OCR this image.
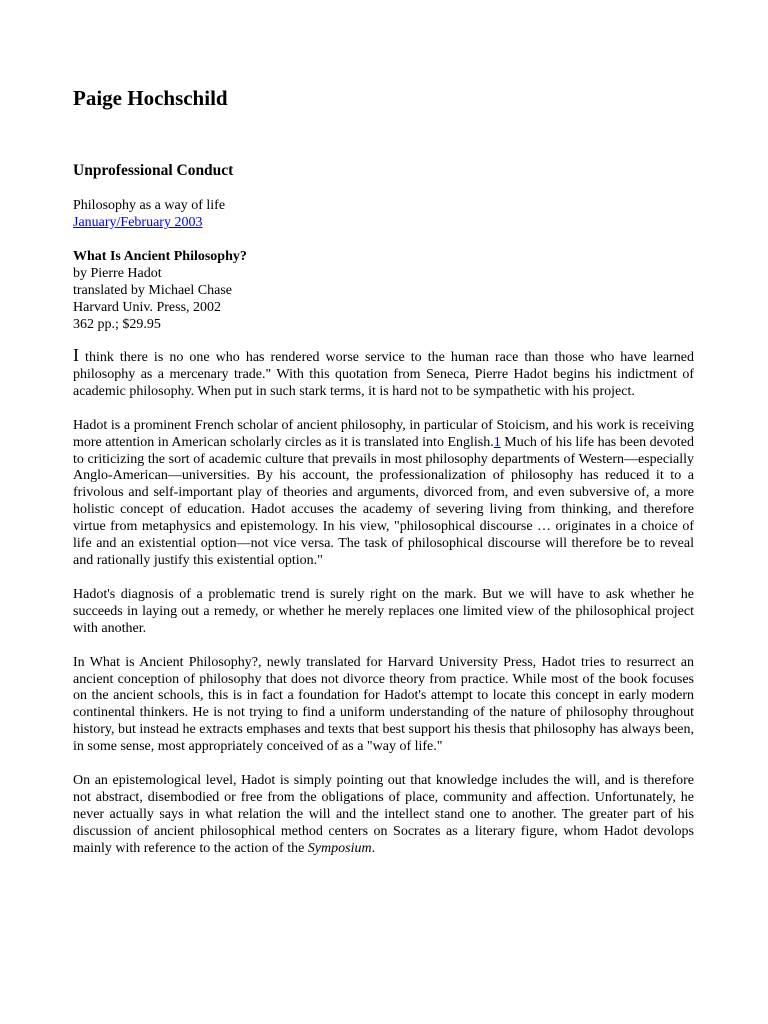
Paige Hochschild
Unprofessional Conduct
Philosophy as a way of life
January/February 2003
What Is Ancient Philosophy?
by Pierre Hadot
translated by Michael Chase
Harvard Univ. Press, 2002
362 pp.; $29.95

I think there is no one who has rendered worse service to the human race than those who have learned philosophy as a mercenary trade." With this quotation from Seneca, Pierre Hadot begins his indictment of academic philosophy. When put in such stark terms, it is hard not to be sympathetic with his project.

Hadot is a prominent French scholar of ancient philosophy, in particular of Stoicism, and his work is receiving more attention in American scholarly circles as it is translated into English.1 Much of his life has been devoted to criticizing the sort of academic culture that prevails in most philosophy departments of Western—especially Anglo-American—universities. By his account, the professionalization of philosophy has reduced it to a frivolous and self-important play of theories and arguments, divorced from, and even subversive of, a more holistic concept of education. Hadot accuses the academy of severing living from thinking, and therefore virtue from metaphysics and epistemology. In his view, "philosophical discourse … originates in a choice of life and an existential option—not vice versa. The task of philosophical discourse will therefore be to reveal and rationally justify this existential option."

Hadot's diagnosis of a problematic trend is surely right on the mark. But we will have to ask whether he succeeds in laying out a remedy, or whether he merely replaces one limited view of the philosophical project with another.

In What is Ancient Philosophy?, newly translated for Harvard University Press, Hadot tries to resurrect an ancient conception of philosophy that does not divorce theory from practice. While most of the book focuses on the ancient schools, this is in fact a foundation for Hadot's attempt to locate this concept in early modern continental thinkers. He is not trying to find a uniform understanding of the nature of philosophy throughout history, but instead he extracts emphases and texts that best support his thesis that philosophy has always been, in some sense, most appropriately conceived of as a "way of life."

On an epistemological level, Hadot is simply pointing out that knowledge includes the will, and is therefore not abstract, disembodied or free from the obligations of place, community and affection. Unfortunately, he never actually says in what relation the will and the intellect stand one to another. The greater part of his discussion of ancient philosophical method centers on Socrates as a literary figure, whom Hadot devolops mainly with reference to the action of the Symposium.
